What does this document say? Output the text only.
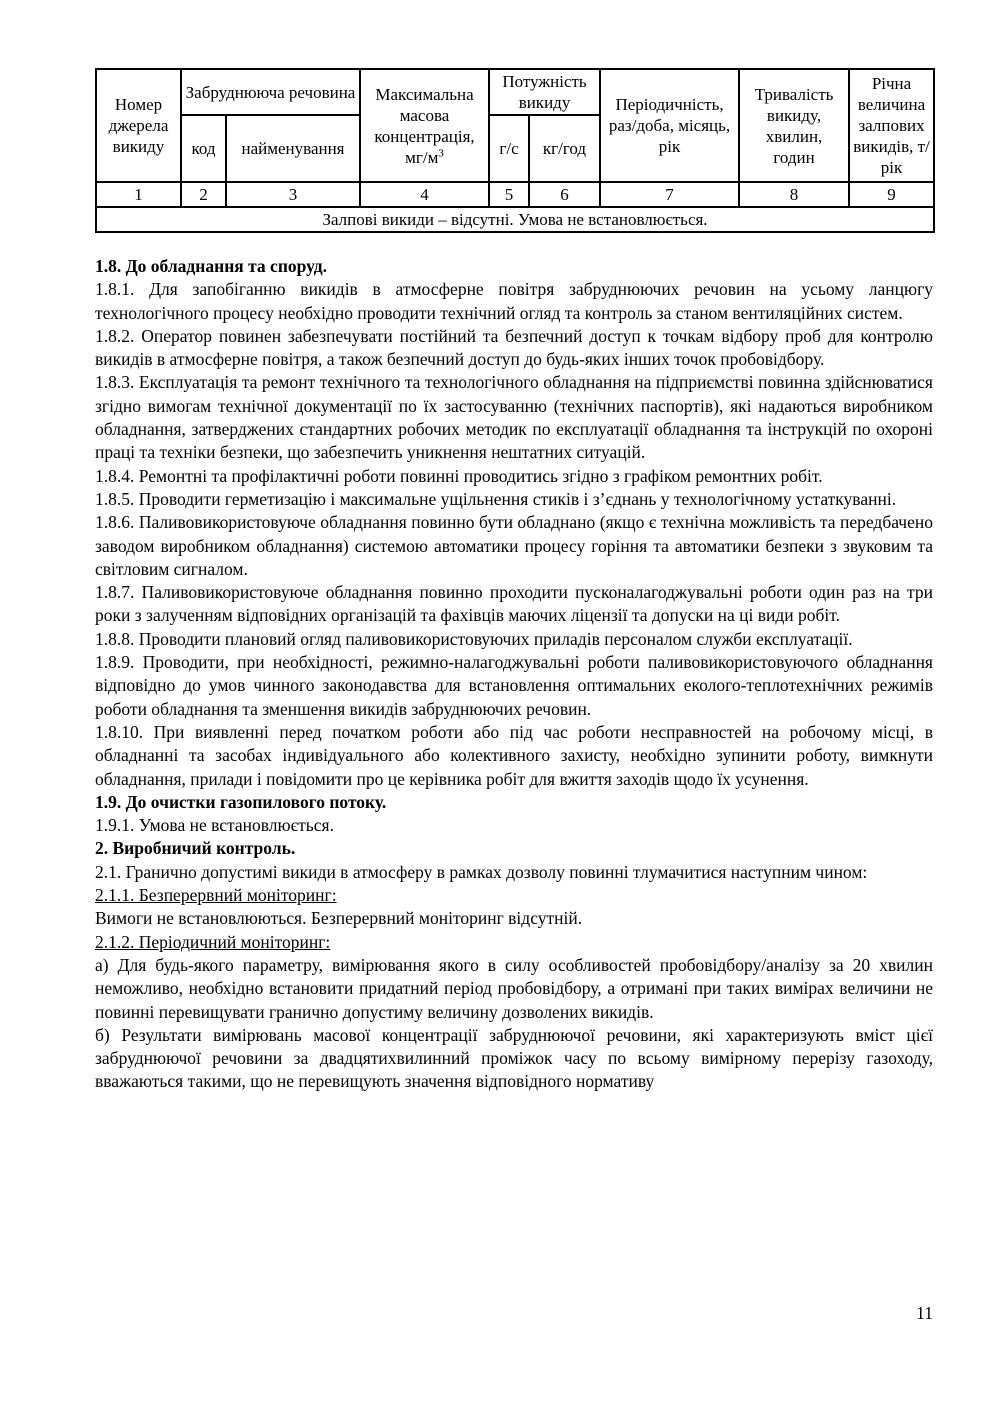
Номер джерела викиду	Забруднююча речовина		Максимальна масова концентрація, $мг/м^3$	Потужність викиду		Періодичність, раз/доба, місяць, рік	Тривалість викиду, хвилин, годин	Річна величина залпових викидів, т/рік
	код	найменування		г/с	кг/год			
1	2	3	4	5	6	7	8	9
Залпові викиди – відсутні. Умова не встановлюється.								

1.8. До обладнання та споруд.

1.8.1. Для запобіганню викидів в атмосферне повітря забруднюючих речовин на усьому ланцюгу технологічного процесу необхідно проводити технічний огляд та контроль за станом вентиляційних систем.

1.8.2. Оператор повинен забезпечувати постійний та безпечний доступ к точкам відбору проб для контролю викидів в атмосферне повітря, а також безпечний доступ до будь-яких інших точок пробовідбору.

1.8.3. Експлуатація та ремонт технічного та технологічного обладнання на підприємстві повинна здійснюватися згідно вимогам технічної документації по їх застосуванню (технічних паспортів), які надаються виробником обладнання, затверджених стандартних робочих методик по експлуатації обладнання та інструкцій по охороні праці та техніки безпеки, що забезпечить уникнення нештатних ситуацій.

1.8.4. Ремонтні та профілактичні роботи повинні проводитись згідно з графіком ремонтних робіт.

1.8.5. Проводити герметизацію і максимальне ущільнення стиків і з’єднань у технологічному устаткуванні.

1.8.6. Паливовикористовуюче обладнання повинно бути обладнано (якщо є технічна можливість та передбачено заводом виробником обладнання) системою автоматики процесу горіння та автоматики безпеки з звуковим та світловим сигналом.

1.8.7. Паливовикористовуюче обладнання повинно проходити пусконалагоджувальні роботи один раз на три роки з залученням відповідних організацій та фахівців маючих ліцензії та допуски на ці види робіт.

1.8.8. Проводити плановий огляд паливовикористовуючих приладів персоналом служби експлуатації.

1.8.9. Проводити, при необхідності, режимно-налагоджувальні роботи паливовикористовуючого обладнання відповідно до умов чинного законодавства для встановлення оптимальних еколого-теплотехнічних режимів роботи обладнання та зменшення викидів забруднюючих речовин.

1.8.10. При виявленні перед початком роботи або під час роботи несправностей на робочому місці, в обладнанні та засобах індивідуального або колективного захисту, необхідно зупинити роботу, вимкнути обладнання, прилади і повідомити про це керівника робіт для вжиття заходів щодо їх усунення.

1.9. До очистки газопилового потоку.

1.9.1. Умова не встановлюється.

2. Виробничий контроль.

2.1. Гранично допустимі викиди в атмосферу в рамках дозволу повинні тлумачитися наступним чином:

2.1.1. Безперервний моніторинг:

Вимоги не встановлюються. Безперервний моніторинг відсутній.

2.1.2. Періодичний моніторинг:

а) Для будь-якого параметру, вимірювання якого в силу особливостей пробовідбору/аналізу за 20 хвилин неможливо, необхідно встановити придатний період пробовідбору, а отримані при таких вимірах величини не повинні перевищувати гранично допустиму величину дозволених викидів.

б) Результати вимірювань масової концентрації забруднюючої речовини, які характеризують вміст цієї забруднюючої речовини за двадцятихвилинний проміжок часу по всьому вимірному перерізу газоходу, вважаються такими, що не перевищують значення відповідного нормативу

11
